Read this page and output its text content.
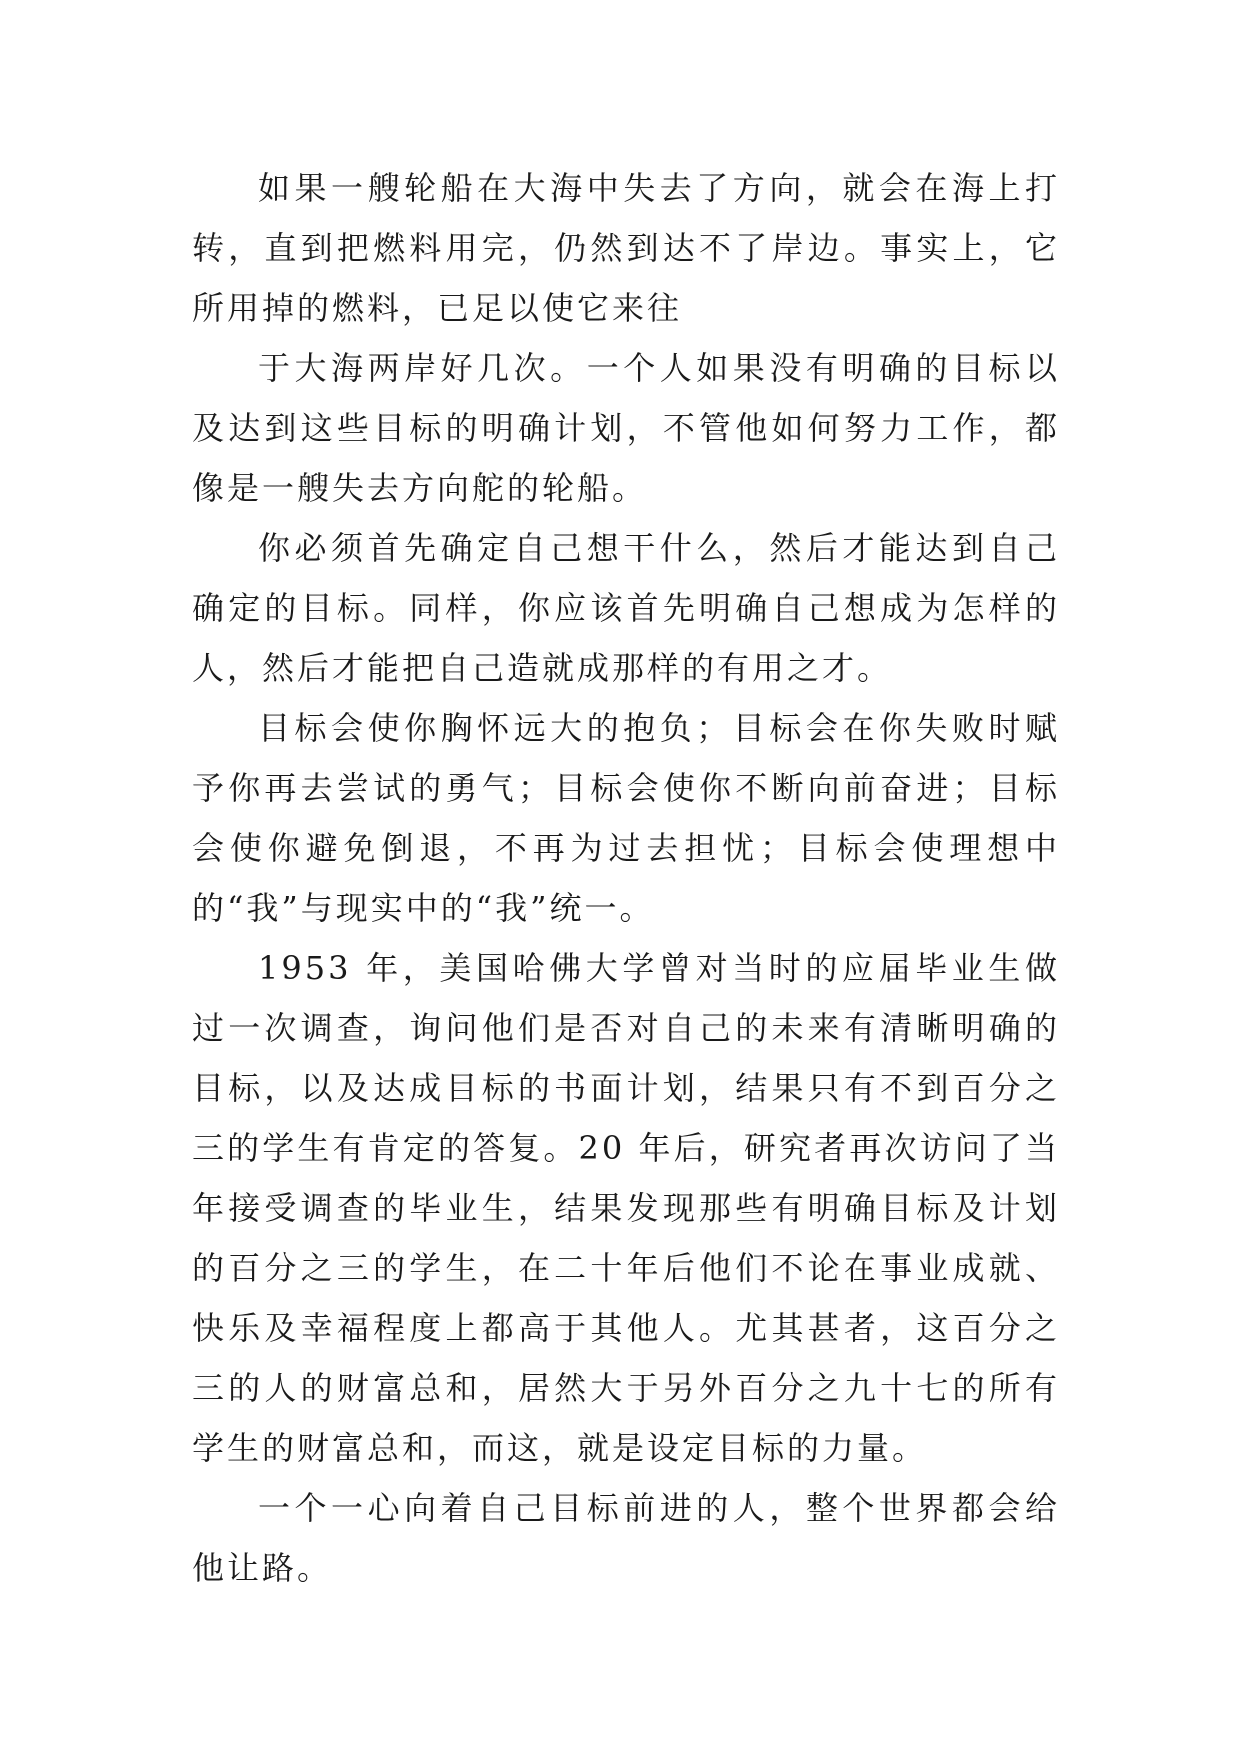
如果一艘轮船在大海中失去了方向，就会在海上打转，直到把燃料用完，仍然到达不了岸边。事实上，它所用掉的燃料，已足以使它来往

于大海两岸好几次。一个人如果没有明确的目标以及达到这些目标的明确计划，不管他如何努力工作，都像是一艘失去方向舵的轮船。

你必须首先确定自己想干什么，然后才能达到自己确定的目标。同样，你应该首先明确自己想成为怎样的人，然后才能把自己造就成那样的有用之才。

目标会使你胸怀远大的抱负；目标会在你失败时赋予你再去尝试的勇气；目标会使你不断向前奋进；目标会使你避免倒退，不再为过去担忧；目标会使理想中的“我”与现实中的“我”统一。

1953 年，美国哈佛大学曾对当时的应届毕业生做过一次调查，询问他们是否对自己的未来有清晰明确的目标，以及达成目标的书面计划，结果只有不到百分之三的学生有肯定的答复。20 年后，研究者再次访问了当年接受调查的毕业生，结果发现那些有明确目标及计划的百分之三的学生，在二十年后他们不论在事业成就、快乐及幸福程度上都高于其他人。尤其甚者，这百分之三的人的财富总和，居然大于另外百分之九十七的所有学生的财富总和，而这，就是设定目标的力量。

一个一心向着自己目标前进的人，整个世界都会给他让路。
